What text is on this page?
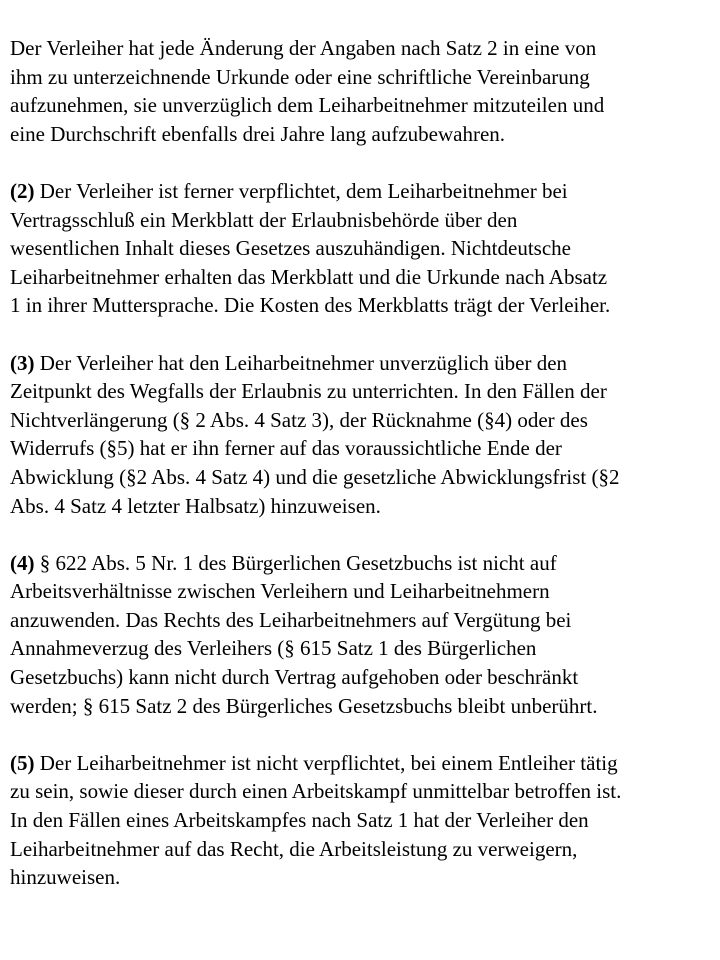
Der Verleiher hat jede Änderung der Angaben nach Satz 2 in eine von
ihm zu unterzeichnende Urkunde oder eine schriftliche Vereinbarung
aufzunehmen, sie unverzüglich dem Leiharbeitnehmer mitzuteilen und
eine Durchschrift ebenfalls drei Jahre lang aufzubewahren.

(2) Der Verleiher ist ferner verpflichtet, dem Leiharbeitnehmer bei
Vertragsschluß ein Merkblatt der Erlaubnisbehörde über den
wesentlichen Inhalt dieses Gesetzes auszuhändigen. Nichtdeutsche
Leiharbeitnehmer erhalten das Merkblatt und die Urkunde nach Absatz
1 in ihrer Muttersprache. Die Kosten des Merkblatts trägt der Verleiher.

(3) Der Verleiher hat den Leiharbeitnehmer unverzüglich über den
Zeitpunkt des Wegfalls der Erlaubnis zu unterrichten. In den Fällen der
Nichtverlängerung (§ 2 Abs. 4 Satz 3), der Rücknahme (§4) oder des
Widerrufs (§5) hat er ihn ferner auf das voraussichtliche Ende der
Abwicklung (§2 Abs. 4 Satz 4) und die gesetzliche Abwicklungsfrist (§2
Abs. 4 Satz 4 letzter Halbsatz) hinzuweisen.

(4) § 622 Abs. 5 Nr. 1 des Bürgerlichen Gesetzbuchs ist nicht auf
Arbeitsverhältnisse zwischen Verleihern und Leiharbeitnehmern
anzuwenden. Das Rechts des Leiharbeitnehmers auf Vergütung bei
Annahmeverzug des Verleihers (§ 615 Satz 1 des Bürgerlichen
Gesetzbuchs) kann nicht durch Vertrag aufgehoben oder beschränkt
werden; § 615 Satz 2 des Bürgerliches Gesetzsbuchs bleibt unberührt.

(5) Der Leiharbeitnehmer ist nicht verpflichtet, bei einem Entleiher tätig
zu sein, sowie dieser durch einen Arbeitskampf unmittelbar betroffen ist.
In den Fällen eines Arbeitskampfes nach Satz 1 hat der Verleiher den
Leiharbeitnehmer auf das Recht, die Arbeitsleistung zu verweigern,
hinzuweisen.
